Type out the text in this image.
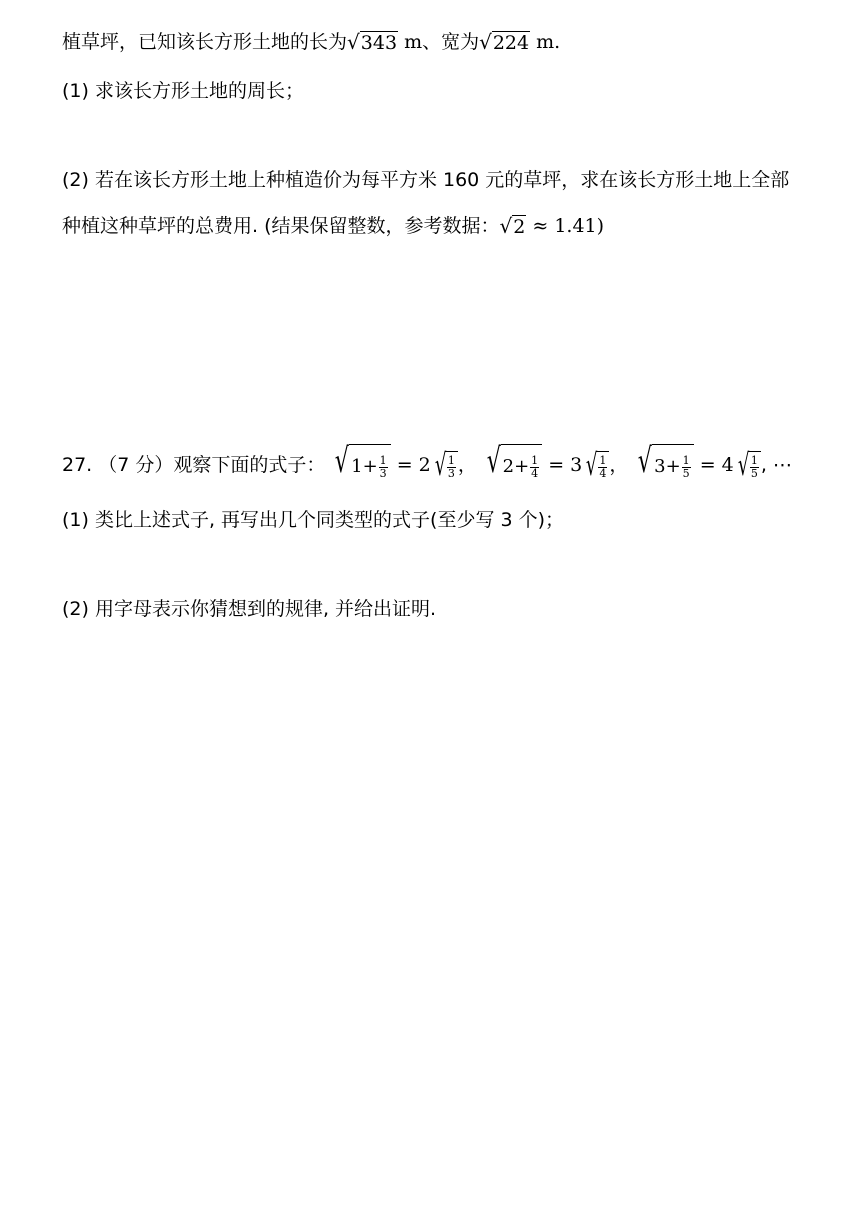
植草坪，已知该长方形土地的长为√343 m、宽为√224 m.
(1) 求该长方形土地的周长；
(2) 若在该长方形土地上种植造价为每平方米 160 元的草坪，求在该长方形土地上全部
种植这种草坪的总费用. (结果保留整数，参考数据：√2 ≈ 1.41)
27. （7 分）观察下面的式子： √ $1 + \frac{1}{3} = 2$ √ $\frac{1}{3}$ ， √ $2 + \frac{1}{4} = 3$ √ $\frac{1}{4}$ ， √ $3 + \frac{1}{5} = 4$ √ $\frac{1}{5}$ , ⋯
(1) 类比上述式子, 再写出几个同类型的式子(至少写 3 个)；
(2) 用字母表示你猜想到的规律, 并给出证明.
